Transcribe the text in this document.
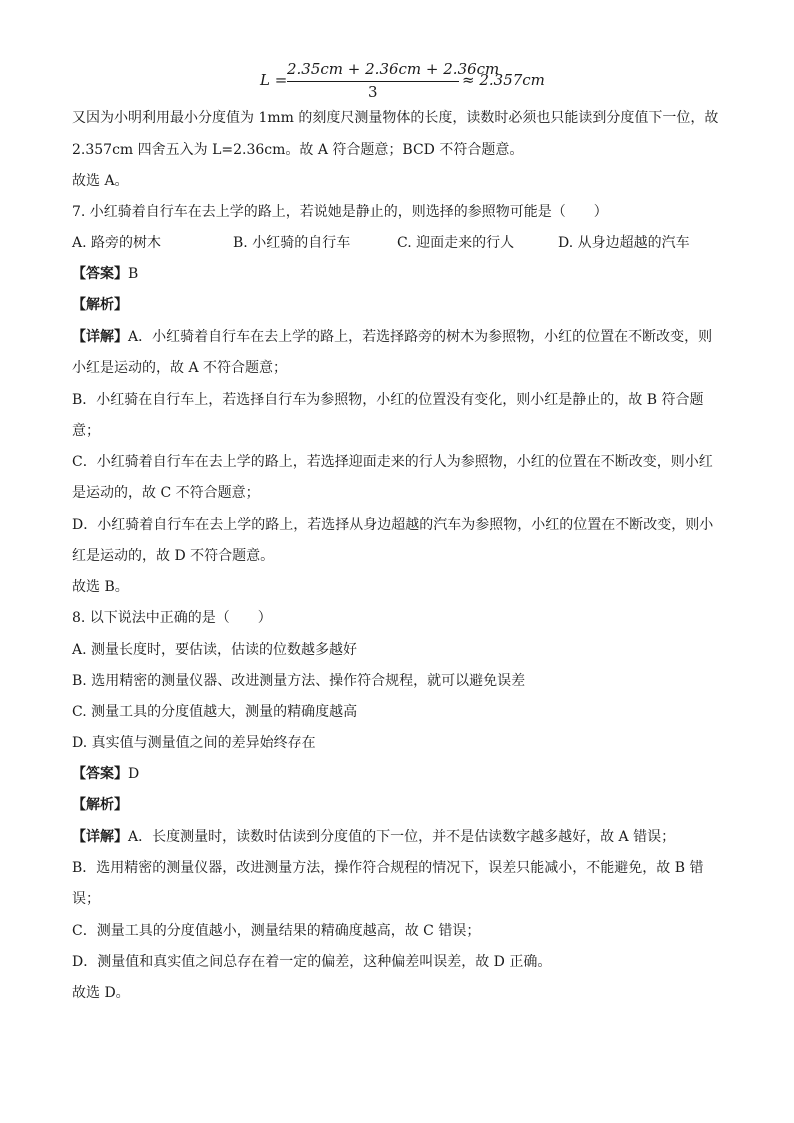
L =
2.35cm + 2.36cm + 2.36cm
3
≈ 2.357cm
又因为小明利用最小分度值为 1mm 的刻度尺测量物体的长度，读数时必须也只能读到分度值下一位，故
2.357cm 四舍五入为 L=2.36cm。故 A 符合题意；BCD 不符合题意。
故选 A。
7. 小红骑着自行车在去上学的路上，若说她是静止的，则选择的参照物可能是（　　）
A. 路旁的树木	B. 小红骑的自行车	C. 迎面走来的行人	D. 从身边超越的汽车
【答案】B
【解析】
【详解】A．小红骑着自行车在去上学的路上，若选择路旁的树木为参照物，小红的位置在不断改变，则
小红是运动的，故 A 不符合题意；
B．小红骑在自行车上，若选择自行车为参照物，小红的位置没有变化，则小红是静止的，故 B 符合题
意；
C．小红骑着自行车在去上学的路上，若选择迎面走来的行人为参照物，小红的位置在不断改变，则小红
是运动的，故 C 不符合题意；
D．小红骑着自行车在去上学的路上，若选择从身边超越的汽车为参照物，小红的位置在不断改变，则小
红是运动的，故 D 不符合题意。
故选 B。
8. 以下说法中正确的是（　　）
A. 测量长度时，要估读，估读的位数越多越好
B. 选用精密的测量仪器、改进测量方法、操作符合规程，就可以避免误差
C. 测量工具的分度值越大，测量的精确度越高
D. 真实值与测量值之间的差异始终存在
【答案】D
【解析】
【详解】A．长度测量时，读数时估读到分度值的下一位，并不是估读数字越多越好，故 A 错误；
B．选用精密的测量仪器，改进测量方法，操作符合规程的情况下，误差只能减小，不能避免，故 B 错
误；
C．测量工具的分度值越小，测量结果的精确度越高，故 C 错误；
D．测量值和真实值之间总存在着一定的偏差，这种偏差叫误差，故 D 正确。
故选 D。
